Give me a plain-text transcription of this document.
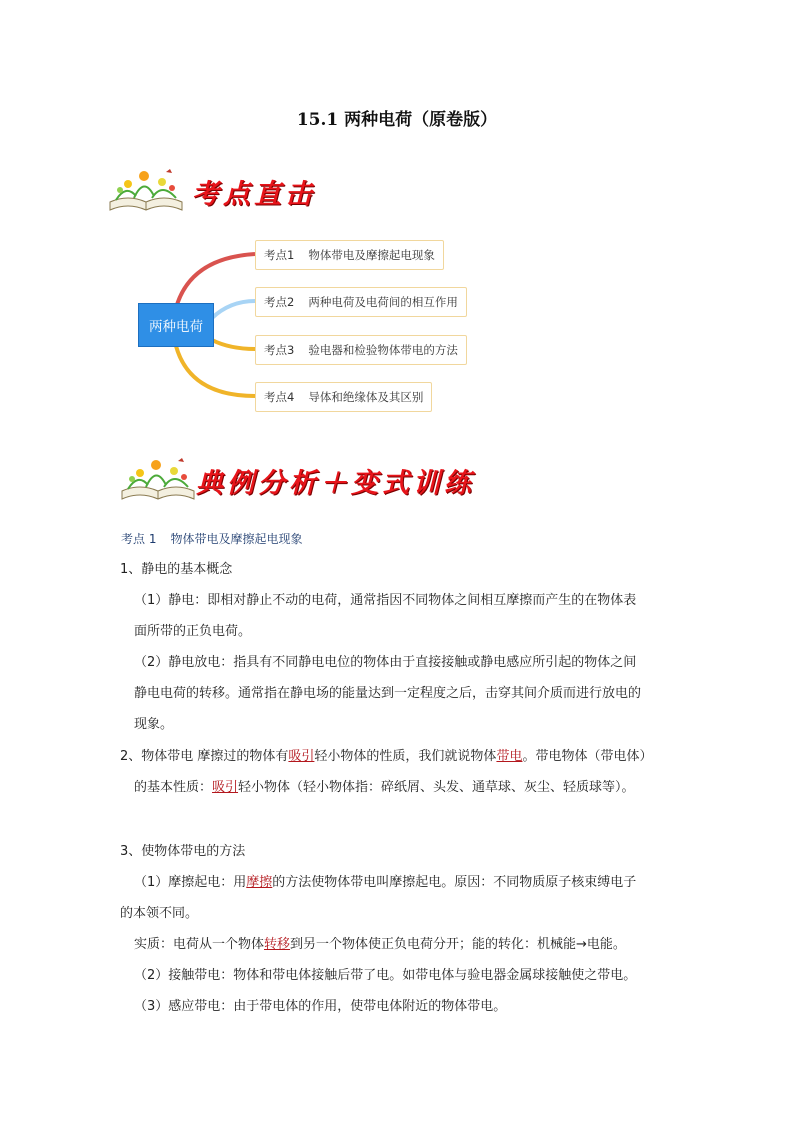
15.1 两种电荷（原卷版）
考点直击
两种电荷
考点1 物体带电及摩擦起电现象
考点2 两种电荷及电荷间的相互作用
考点3 验电器和检验物体带电的方法
考点4 导体和绝缘体及其区别
典例分析＋变式训练
考点 1 物体带电及摩擦起电现象
1、静电的基本概念
（1）静电：即相对静止不动的电荷，通常指因不同物体之间相互摩擦而产生的在物体表
面所带的正负电荷。
（2）静电放电：指具有不同静电电位的物体由于直接接触或静电感应所引起的物体之间
静电电荷的转移。通常指在静电场的能量达到一定程度之后，击穿其间介质而进行放电的
现象。
2、物体带电 摩擦过的物体有吸引轻小物体的性质，我们就说物体带电。带电物体（带电体）
的基本性质：吸引轻小物体（轻小物体指：碎纸屑、头发、通草球、灰尘、轻质球等）。
3、使物体带电的方法
（1）摩擦起电：用摩擦的方法使物体带电叫摩擦起电。原因：不同物质原子核束缚电子
的本领不同。
实质：电荷从一个物体转移到另一个物体使正负电荷分开；能的转化：机械能→电能。
（2）接触带电：物体和带电体接触后带了电。如带电体与验电器金属球接触使之带电。
（3）感应带电：由于带电体的作用，使带电体附近的物体带电。
